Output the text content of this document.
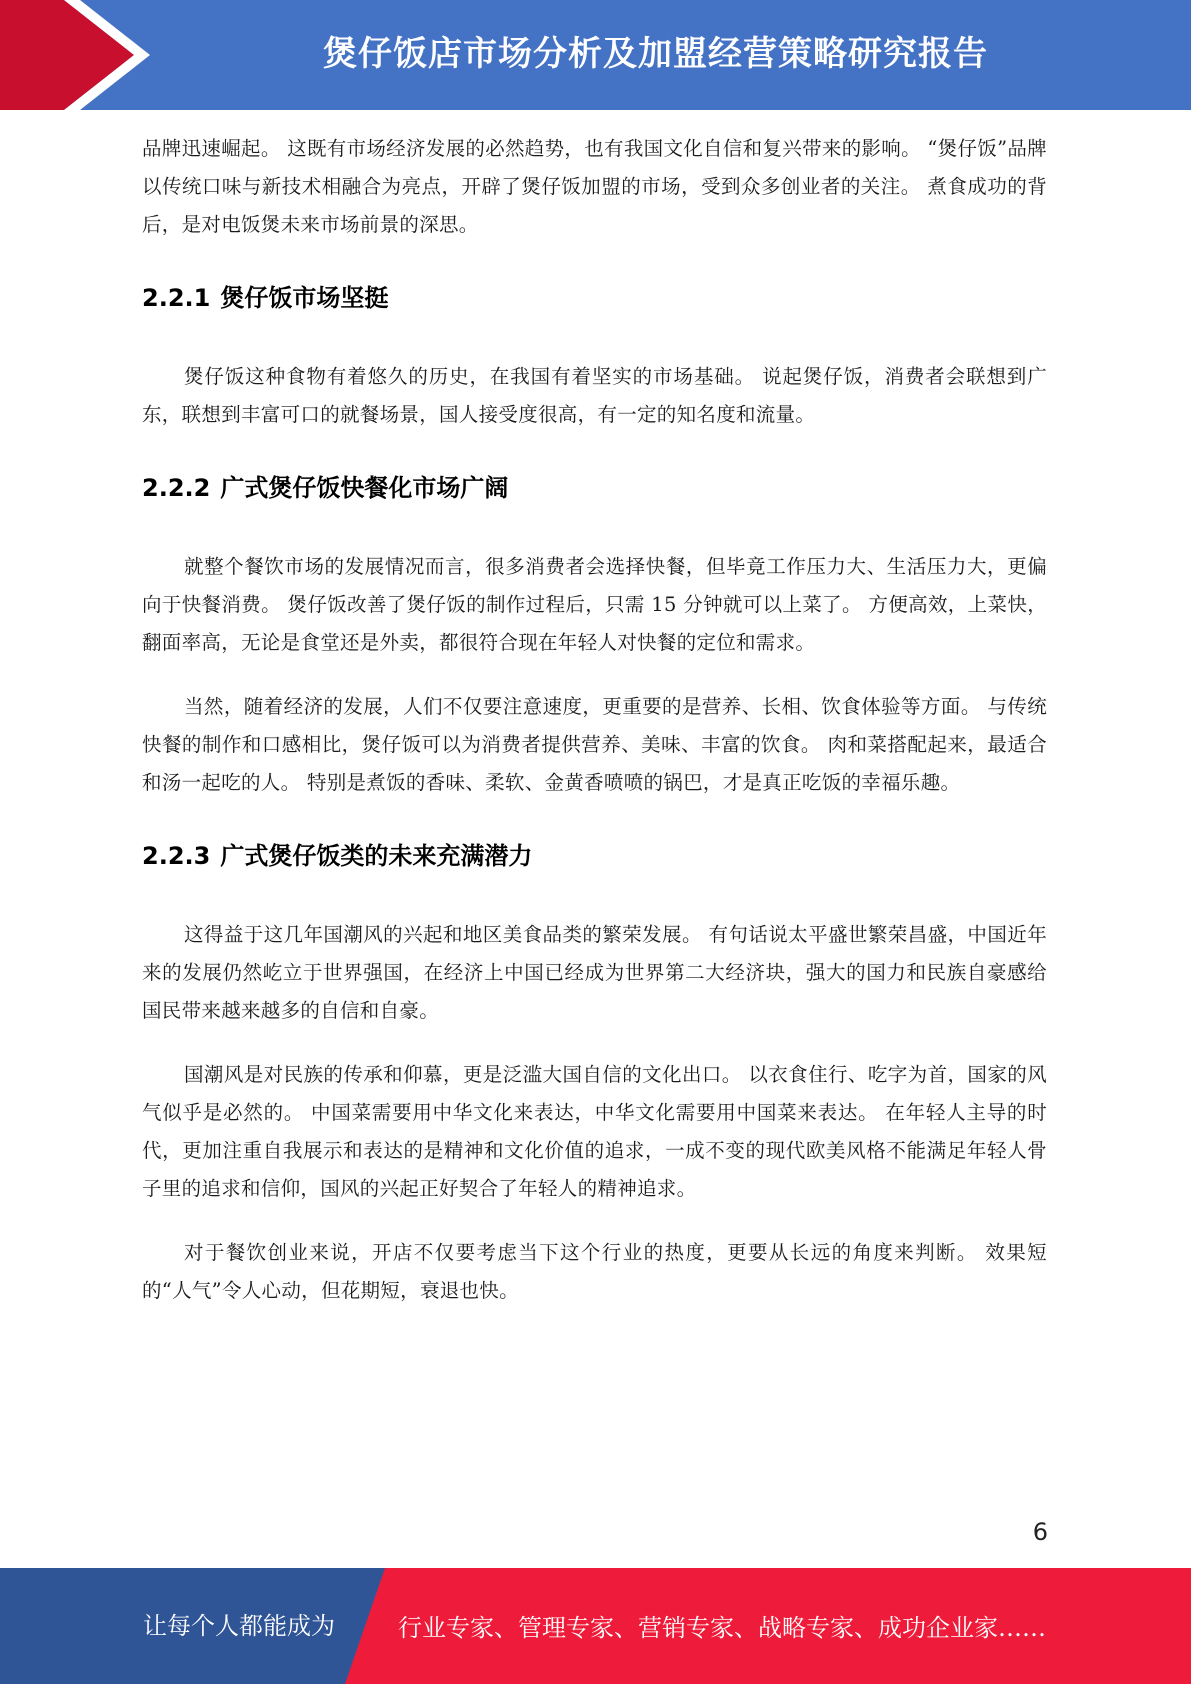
煲仔饭店市场分析及加盟经营策略研究报告

品牌迅速崛起。 这既有市场经济发展的必然趋势，也有我国文化自信和复兴带来的影响。 “煲仔饭”品牌以传统口味与新技术相融合为亮点，开辟了煲仔饭加盟的市场，受到众多创业者的关注。 煮食成功的背后，是对电饭煲未来市场前景的深思。

2.2.1 煲仔饭市场坚挺

煲仔饭这种食物有着悠久的历史，在我国有着坚实的市场基础。 说起煲仔饭，消费者会联想到广东，联想到丰富可口的就餐场景，国人接受度很高，有一定的知名度和流量。

2.2.2 广式煲仔饭快餐化市场广阔

就整个餐饮市场的发展情况而言，很多消费者会选择快餐，但毕竟工作压力大、生活压力大，更偏向于快餐消费。 煲仔饭改善了煲仔饭的制作过程后，只需 15 分钟就可以上菜了。 方便高效，上菜快，翻面率高，无论是食堂还是外卖，都很符合现在年轻人对快餐的定位和需求。

当然，随着经济的发展，人们不仅要注意速度，更重要的是营养、长相、饮食体验等方面。 与传统快餐的制作和口感相比，煲仔饭可以为消费者提供营养、美味、丰富的饮食。 肉和菜搭配起来，最适合和汤一起吃的人。 特别是煮饭的香味、柔软、金黄香喷喷的锅巴，才是真正吃饭的幸福乐趣。

2.2.3 广式煲仔饭类的未来充满潜力

这得益于这几年国潮风的兴起和地区美食品类的繁荣发展。 有句话说太平盛世繁荣昌盛，中国近年来的发展仍然屹立于世界强国，在经济上中国已经成为世界第二大经济块，强大的国力和民族自豪感给国民带来越来越多的自信和自豪。

国潮风是对民族的传承和仰慕，更是泛滥大国自信的文化出口。 以衣食住行、吃字为首，国家的风气似乎是必然的。 中国菜需要用中华文化来表达，中华文化需要用中国菜来表达。 在年轻人主导的时代，更加注重自我展示和表达的是精神和文化价值的追求，一成不变的现代欧美风格不能满足年轻人骨子里的追求和信仰，国风的兴起正好契合了年轻人的精神追求。

对于餐饮创业来说，开店不仅要考虑当下这个行业的热度，更要从长远的角度来判断。 效果短的“人气”令人心动，但花期短，衰退也快。

6
让每个人都能成为	行业专家、管理专家、营销专家、战略专家、成功企业家……
